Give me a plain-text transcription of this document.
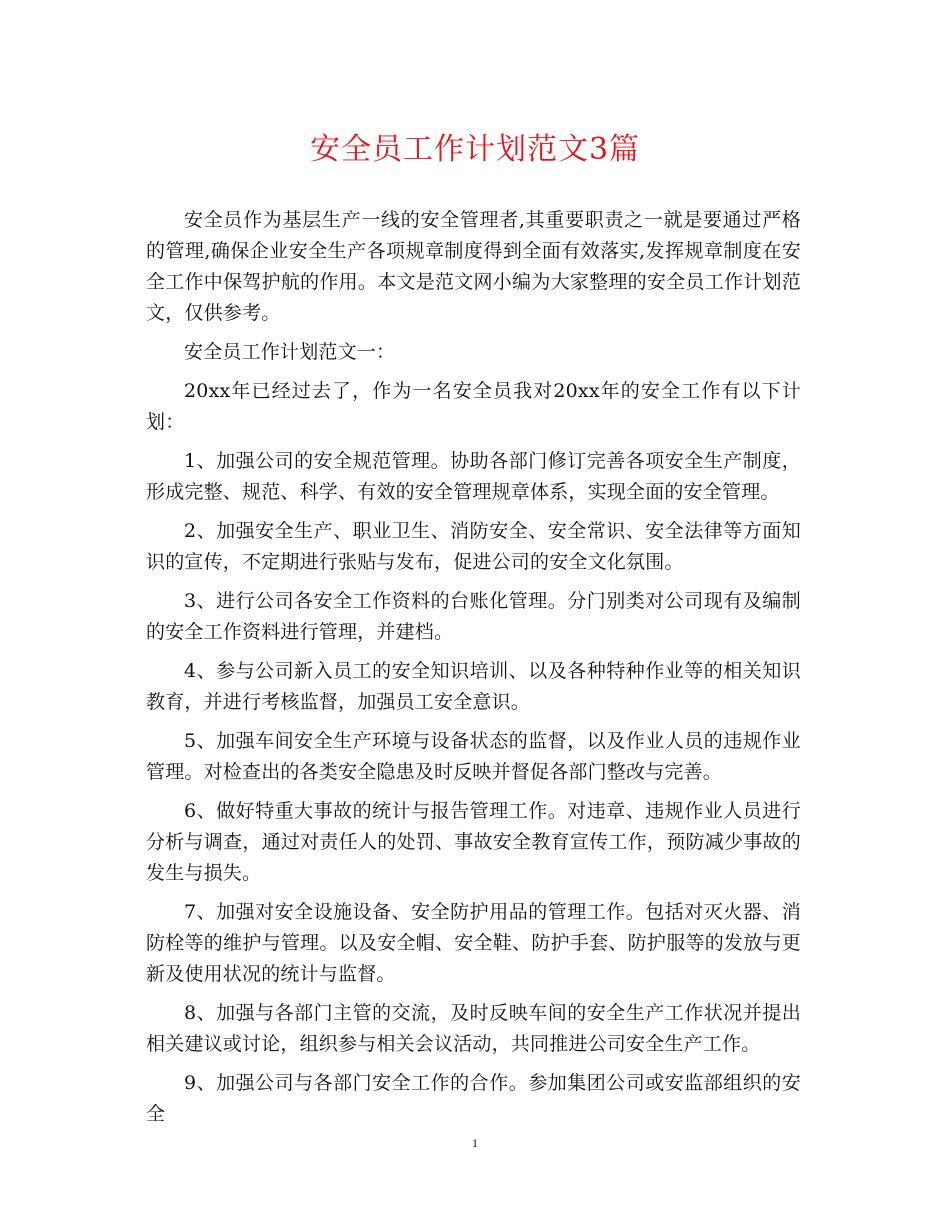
安全员工作计划范文3篇

安全员作为基层生产一线的安全管理者,其重要职责之一就是要通过严格的管理,确保企业安全生产各项规章制度得到全面有效落实,发挥规章制度在安全工作中保驾护航的作用。本文是范文网小编为大家整理的安全员工作计划范文，仅供参考。

安全员工作计划范文一：

20xx年已经过去了，作为一名安全员我对20xx年的安全工作有以下计划：

1、加强公司的安全规范管理。协助各部门修订完善各项安全生产制度，形成完整、规范、科学、有效的安全管理规章体系，实现全面的安全管理。

2、加强安全生产、职业卫生、消防安全、安全常识、安全法律等方面知识的宣传，不定期进行张贴与发布，促进公司的安全文化氛围。

3、进行公司各安全工作资料的台账化管理。分门别类对公司现有及编制的安全工作资料进行管理，并建档。

4、参与公司新入员工的安全知识培训、以及各种特种作业等的相关知识教育，并进行考核监督，加强员工安全意识。

5、加强车间安全生产环境与设备状态的监督，以及作业人员的违规作业管理。对检查出的各类安全隐患及时反映并督促各部门整改与完善。

6、做好特重大事故的统计与报告管理工作。对违章、违规作业人员进行分析与调查，通过对责任人的处罚、事故安全教育宣传工作，预防减少事故的发生与损失。

7、加强对安全设施设备、安全防护用品的管理工作。包括对灭火器、消防栓等的维护与管理。以及安全帽、安全鞋、防护手套、防护服等的发放与更新及使用状况的统计与监督。

8、加强与各部门主管的交流，及时反映车间的安全生产工作状况并提出相关建议或讨论，组织参与相关会议活动，共同推进公司安全生产工作。

9、加强公司与各部门安全工作的合作。参加集团公司或安监部组织的安全

1
